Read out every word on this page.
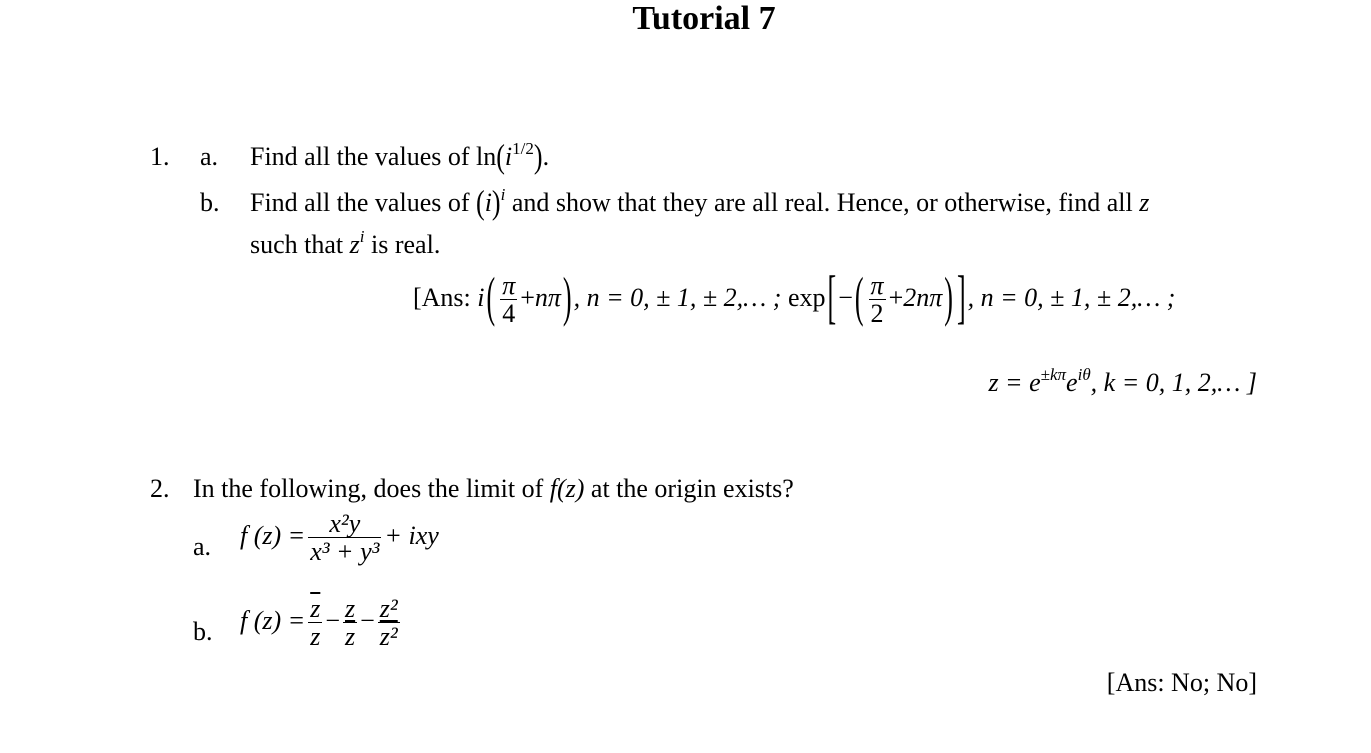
Tutorial 7
1. a. Find all the values of $\ln(i^{1/2})$.
b. Find all the values of $(i)^i$ and show that they are all real. Hence, or otherwise, find all z
such that $z^i$ is real.
[Ans: $i( \frac{\pi}{4} +n\pi)$, n = 0, ± 1, ± 2,… ; $\exp[-( \frac{\pi}{2} +2n\pi)$ ], n = 0, ± 1, ± 2,… ;
$z = e^{\pm k\pi}e^{i\theta}$, k = 0, 1, 2,… ]
2. In the following, does the limit of f(z) at the origin exists?
a. f $(z) = \frac{\text{x²y}}{\text{x³ + y³}}$ + ixy
b. f $(z) = \frac{\overline{z}}{z} - \frac{z}{z} - \frac{\text{z²}}{\text{z²}}$
[Ans: No; No]
